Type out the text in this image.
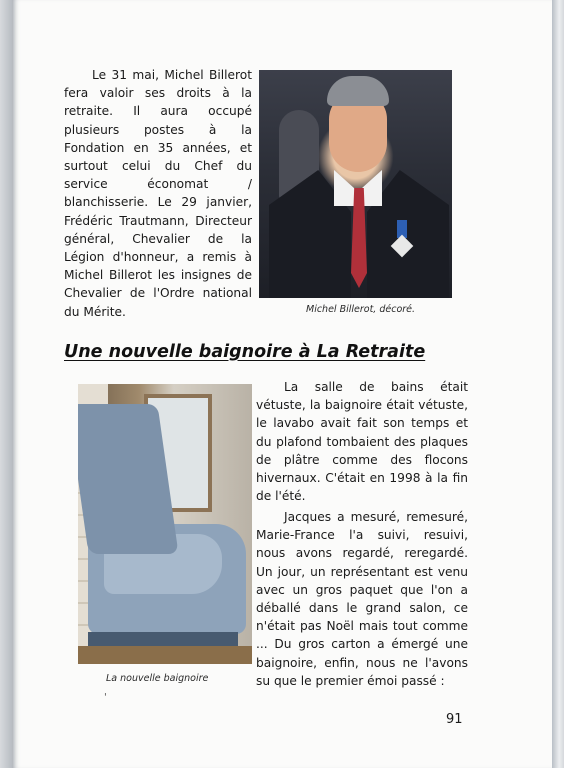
Le 31 mai, Michel Billerot fera valoir ses droits à la retraite. Il aura occupé plusieurs postes à la Fondation en 35 années, et surtout celui du Chef du service économat / blanchisserie. Le 29 janvier, Frédéric Trautmann, Directeur général, Chevalier de la Légion d'honneur, a remis à Michel Billerot les insignes de Chevalier de l'Ordre national du Mérite.	Michel Billerot, décoré.
Une nouvelle baignoire à La Retraite
La nouvelle baignoire

La salle de bains était vétuste, la baignoire était vétuste, le lavabo avait fait son temps et du plafond tombaient des plaques de plâtre comme des flocons hivernaux. C'était en 1998 à la fin de l'été.

Jacques a mesuré, remesuré, Marie-France l'a suivi, resuivi, nous avons regardé, reregardé. Un jour, un représentant est venu avec un gros paquet que l'on a déballé dans le grand salon, ce n'était pas Noël mais tout comme ... Du gros carton a émergé une baignoire, enfin, nous ne l'avons su que le premier émoi passé :

ꞌ
91
